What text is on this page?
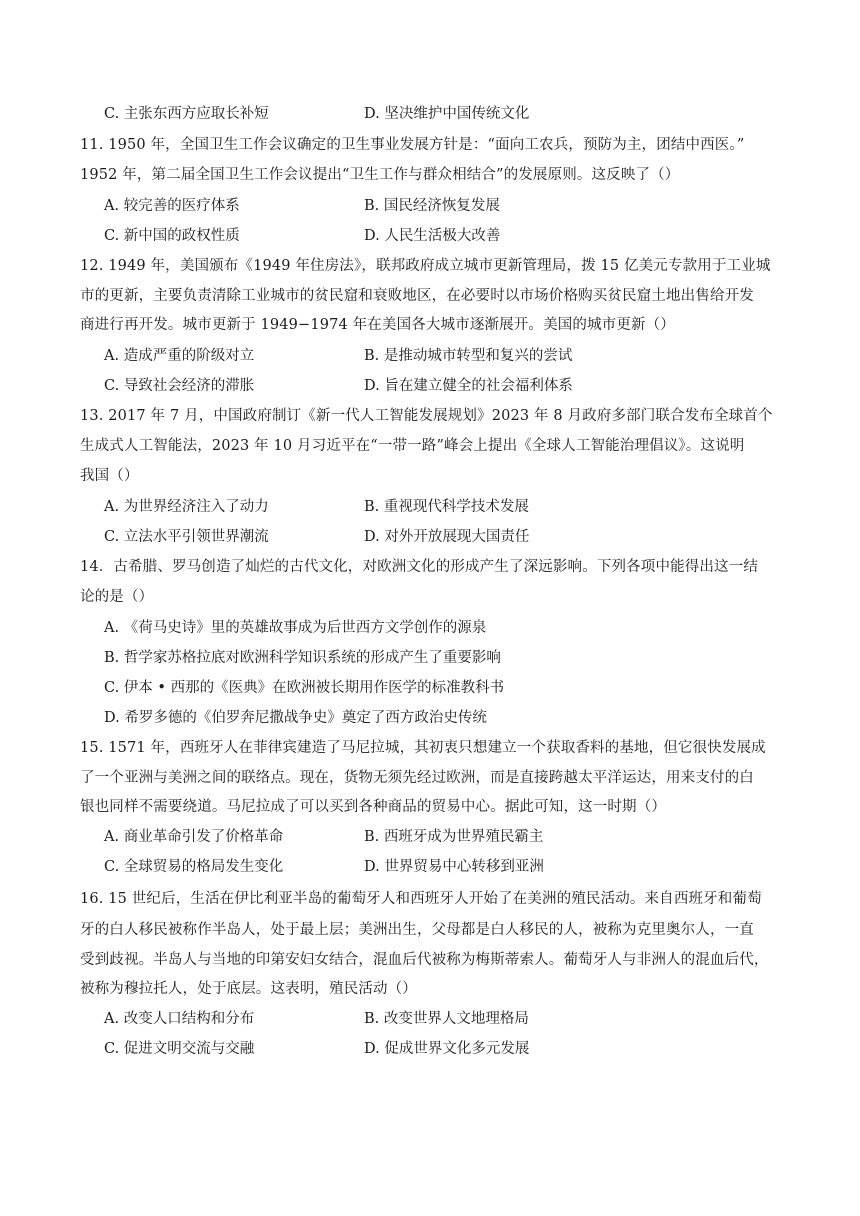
C. 主张东西方应取长补短	D. 坚决维护中国传统文化
11. 1950 年，全国卫生工作会议确定的卫生事业发展方针是：“面向工农兵，预防为主，团结中西医。”
1952 年，第二届全国卫生工作会议提出“卫生工作与群众相结合”的发展原则。这反映了（）
A. 较完善的医疗体系	B. 国民经济恢复发展
C. 新中国的政权性质	D. 人民生活极大改善
12. 1949 年，美国颁布《1949 年住房法》，联邦政府成立城市更新管理局，拨 15 亿美元专款用于工业城
市的更新，主要负责清除工业城市的贫民窟和衰败地区，在必要时以市场价格购买贫民窟土地出售给开发
商进行再开发。城市更新于 1949−1974 年在美国各大城市逐渐展开。美国的城市更新（）
A. 造成严重的阶级对立	B. 是推动城市转型和复兴的尝试
C. 导致社会经济的滞胀	D. 旨在建立健全的社会福利体系
13. 2017 年 7 月，中国政府制订《新一代人工智能发展规划》2023 年 8 月政府多部门联合发布全球首个
生成式人工智能法，2023 年 10 月习近平在“一带一路”峰会上提出《全球人工智能治理倡议》。这说明
我国（）
A. 为世界经济注入了动力	B. 重视现代科学技术发展
C. 立法水平引领世界潮流	D. 对外开放展现大国责任
14．古希腊、罗马创造了灿烂的古代文化，对欧洲文化的形成产生了深远影响。下列各项中能得出这一结
论的是（）
A. 《荷马史诗》里的英雄故事成为后世西方文学创作的源泉
B. 哲学家苏格拉底对欧洲科学知识系统的形成产生了重要影响
C. 伊本 • 西那的《医典》在欧洲被长期用作医学的标准教科书
D. 希罗多德的《伯罗奔尼撒战争史》奠定了西方政治史传统
15. 1571 年，西班牙人在菲律宾建造了马尼拉城，其初衷只想建立一个获取香料的基地，但它很快发展成
了一个亚洲与美洲之间的联络点。现在，货物无须先经过欧洲，而是直接跨越太平洋运达，用来支付的白
银也同样不需要绕道。马尼拉成了可以买到各种商品的贸易中心。据此可知，这一时期（）
A. 商业革命引发了价格革命	B. 西班牙成为世界殖民霸主
C. 全球贸易的格局发生变化	D. 世界贸易中心转移到亚洲
16. 15 世纪后，生活在伊比利亚半岛的葡萄牙人和西班牙人开始了在美洲的殖民活动。来自西班牙和葡萄
牙的白人移民被称作半岛人，处于最上层；美洲出生，父母都是白人移民的人，被称为克里奥尔人，一直
受到歧视。半岛人与当地的印第安妇女结合，混血后代被称为梅斯蒂索人。葡萄牙人与非洲人的混血后代，
被称为穆拉托人，处于底层。这表明，殖民活动（）
A. 改变人口结构和分布	B. 改变世界人文地理格局
C. 促进文明交流与交融	D. 促成世界文化多元发展
